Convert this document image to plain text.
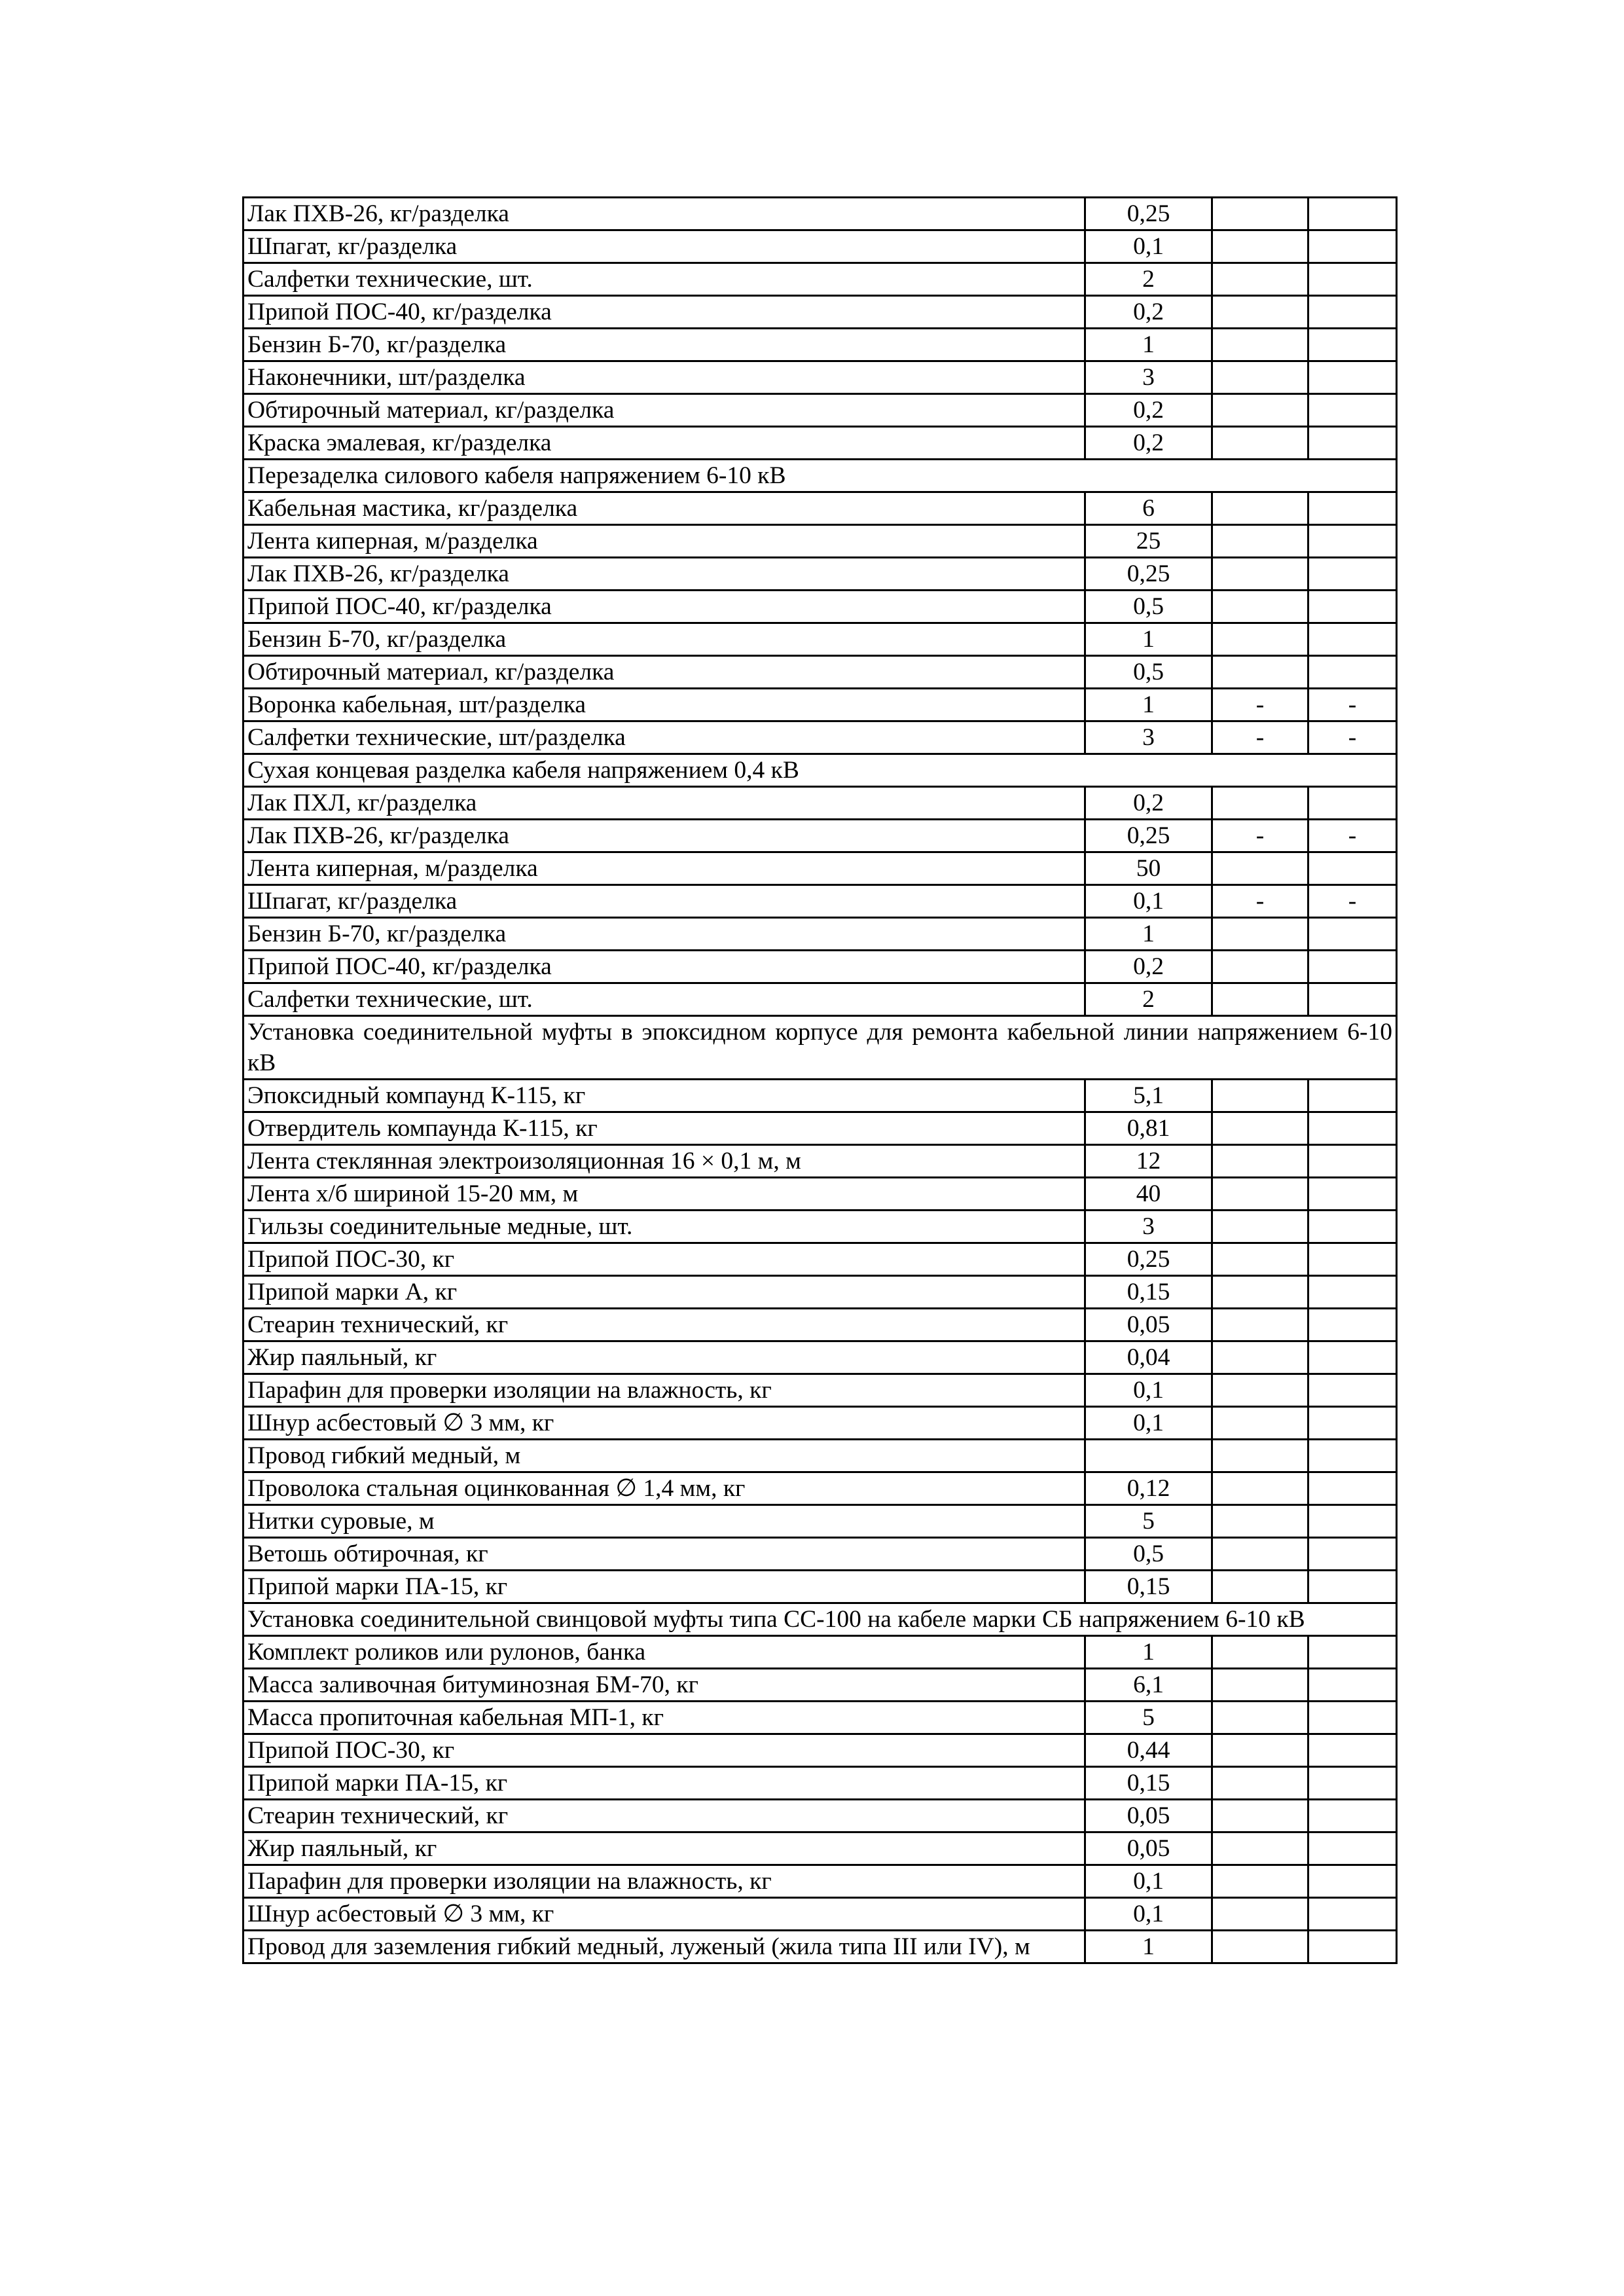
Лак ПХВ-26, кг/разделка	0,25		
Шпагат, кг/разделка	0,1		
Салфетки технические, шт.	2		
Припой ПОС-40, кг/разделка	0,2		
Бензин Б-70, кг/разделка	1		
Наконечники, шт/разделка	3		
Обтирочный материал, кг/разделка	0,2		
Краска эмалевая, кг/разделка	0,2		
Перезаделка силового кабеля напряжением 6-10 кВ			
Кабельная мастика, кг/разделка	6		
Лента киперная, м/разделка	25		
Лак ПХВ-26, кг/разделка	0,25		
Припой ПОС-40, кг/разделка	0,5		
Бензин Б-70, кг/разделка	1		
Обтирочный материал, кг/разделка	0,5		
Воронка кабельная, шт/разделка	1	-	-
Салфетки технические, шт/разделка	3	-	-
Сухая концевая разделка кабеля напряжением 0,4 кВ			
Лак ПХЛ, кг/разделка	0,2		
Лак ПХВ-26, кг/разделка	0,25	-	-
Лента киперная, м/разделка	50		
Шпагат, кг/разделка	0,1	-	-
Бензин Б-70, кг/разделка	1		
Припой ПОС-40, кг/разделка	0,2		
Салфетки технические, шт.	2		
Установка соединительной муфты в эпоксидном корпусе для ремонта кабельной линии напряжением 6-10 кВ			
Эпоксидный компаунд К-115, кг	5,1		
Отвердитель компаунда К-115, кг	0,81		
Лента стеклянная электроизоляционная 16 × 0,1 м, м	12		
Лента х/б шириной 15-20 мм, м	40		
Гильзы соединительные медные, шт.	3		
Припой ПОС-30, кг	0,25		
Припой марки А, кг	0,15		
Стеарин технический, кг	0,05		
Жир паяльный, кг	0,04		
Парафин для проверки изоляции на влажность, кг	0,1		
Шнур асбестовый ∅ 3 мм, кг	0,1		
Провод гибкий медный, м			
Проволока стальная оцинкованная ∅ 1,4 мм, кг	0,12		
Нитки суровые, м	5		
Ветошь обтирочная, кг	0,5		
Припой марки ПА-15, кг	0,15		
Установка соединительной свинцовой муфты типа СС-100 на кабеле марки СБ напряжением 6-10 кВ			
Комплект роликов или рулонов, банка	1		
Масса заливочная битуминозная БМ-70, кг	6,1		
Масса пропиточная кабельная МП-1, кг	5		
Припой ПОС-30, кг	0,44		
Припой марки ПА-15, кг	0,15		
Стеарин технический, кг	0,05		
Жир паяльный, кг	0,05		
Парафин для проверки изоляции на влажность, кг	0,1		
Шнур асбестовый ∅ 3 мм, кг	0,1		
Провод для заземления гибкий медный, луженый (жила типа III или IV), м	1		
